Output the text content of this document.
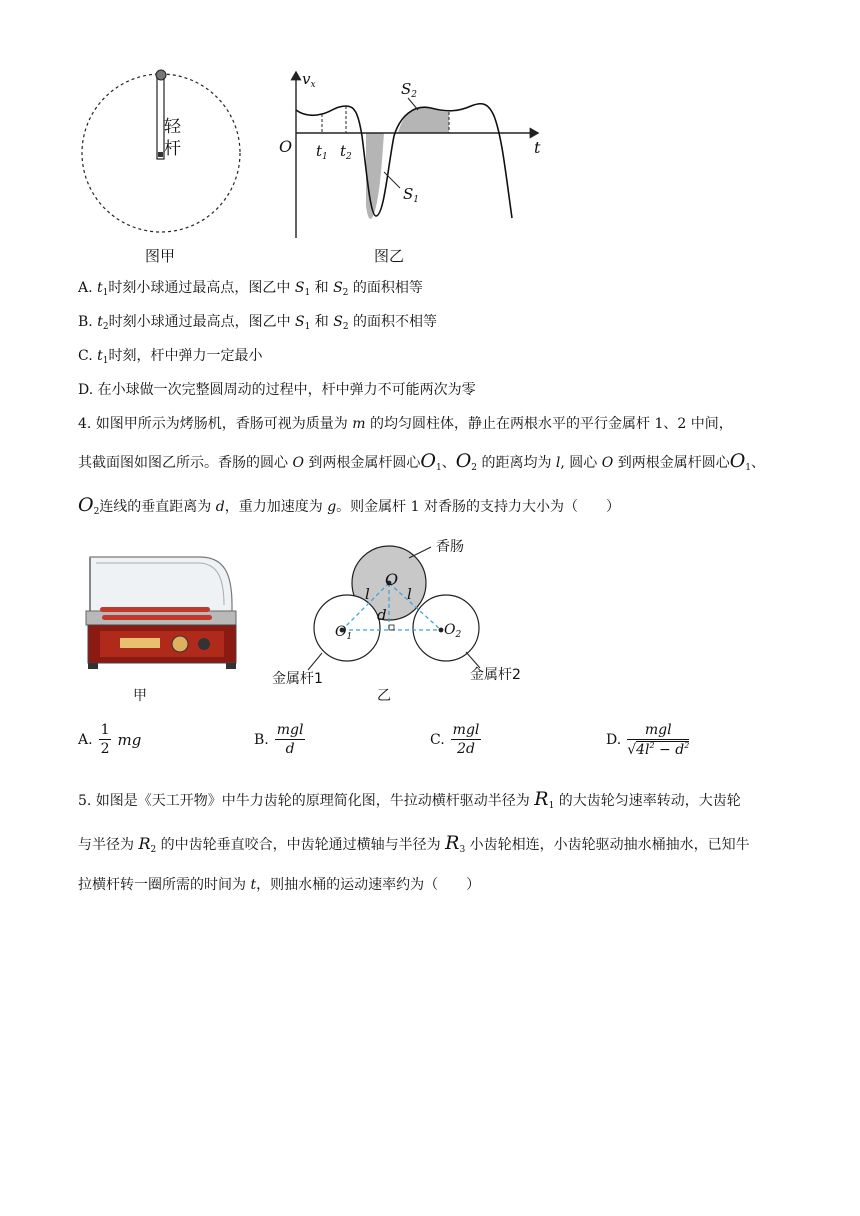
轻
杆
图甲
$v_x$
O	t
$t_1$ $t_2$
$S_1$
$S_2$
图乙
A. $t_1$时刻小球通过最高点，图乙中 $S_1$ 和 $S_2$ 的面积相等
B. $t_2$时刻小球通过最高点，图乙中 $S_1$ 和 $S_2$ 的面积不相等
C. $t_1$时刻，杆中弹力一定最小
D. 在小球做一次完整圆周动的过程中，杆中弹力不可能两次为零
4. 如图甲所示为烤肠机，香肠可视为质量为 m 的均匀圆柱体，静止在两根水平的平行金属杆 1、2 中间，
其截面图如图乙所示。香肠的圆心 O 到两根金属杆圆心$O_1$、$O_2$ 的距离均为 l, 圆心 O 到两根金属杆圆心$O_1$、
$O_2$连线的垂直距离为 d，重力加速度为 g。则金属杆 1 对香肠的支持力大小为（　　）
甲
香肠
O
l l
d
$O_1$	$O_2$
金属杆1	金属杆2
乙
A. $\frac{1}{2}$ mg	B. $\frac{\text{mgl}}{d}$	C. $\frac{\text{mgl}}{2d}$	D. $\frac{\text{mgl}}{√4l^2 - d^2}$
5. 如图是《天工开物》中牛力齿轮的原理简化图，牛拉动横杆驱动半径为 $R_1$ 的大齿轮匀速率转动，大齿轮
与半径为 $R_2$ 的中齿轮垂直咬合，中齿轮通过横轴与半径为 $R_3$ 小齿轮相连，小齿轮驱动抽水桶抽水，已知牛
拉横杆转一圈所需的时间为 t，则抽水桶的运动速率约为（　　）
